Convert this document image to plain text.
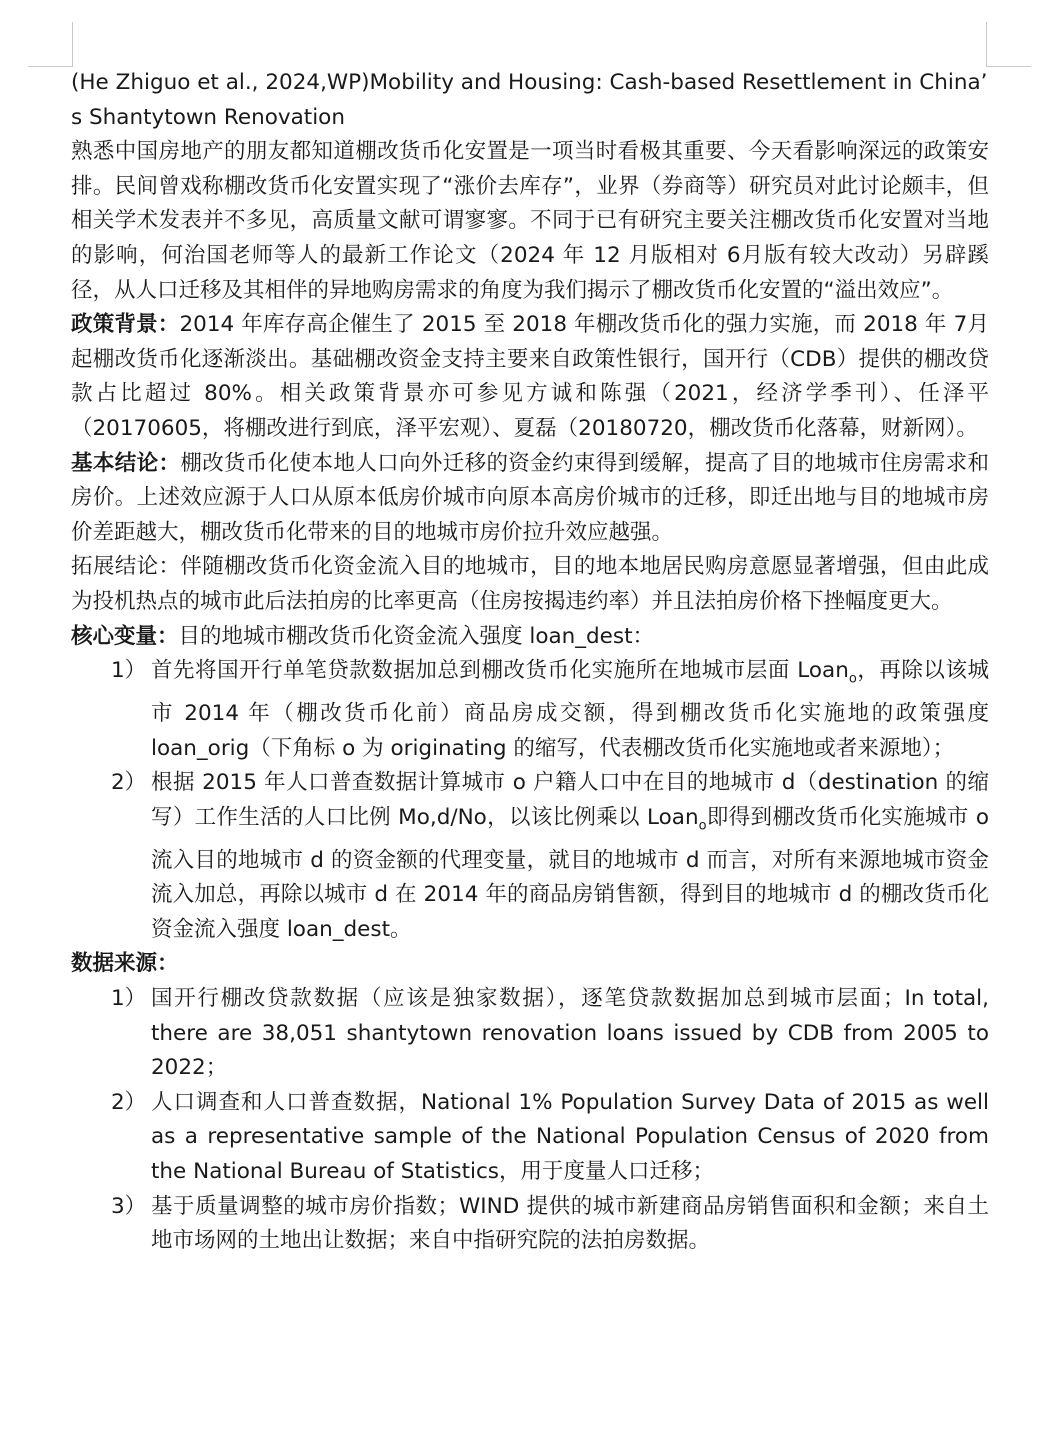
(He Zhiguo et al., 2024,WP)Mobility and Housing: Cash-based Resettlement in China’ s Shantytown Renovation

熟悉中国房地产的朋友都知道棚改货币化安置是一项当时看极其重要、今天看影响深远的政策安排。民间曾戏称棚改货币化安置实现了“涨价去库存”，业界（券商等）研究员对此讨论颇丰，但相关学术发表并不多见，高质量文献可谓寥寥。不同于已有研究主要关注棚改货币化安置对当地的影响，何治国老师等人的最新工作论文（2024 年 12 月版相对 6月版有较大改动）另辟蹊径，从人口迁移及其相伴的异地购房需求的角度为我们揭示了棚改货币化安置的“溢出效应”。

政策背景：2014 年库存高企催生了 2015 至 2018 年棚改货币化的强力实施，而 2018 年 7月起棚改货币化逐渐淡出。基础棚改资金支持主要来自政策性银行，国开行（CDB）提供的棚改贷款占比超过 80%。相关政策背景亦可参见方诚和陈强（2021，经济学季刊）、任泽平（20170605，将棚改进行到底，泽平宏观）、夏磊（20180720，棚改货币化落幕，财新网）。

基本结论：棚改货币化使本地人口向外迁移的资金约束得到缓解，提高了目的地城市住房需求和房价。上述效应源于人口从原本低房价城市向原本高房价城市的迁移，即迁出地与目的地城市房价差距越大，棚改货币化带来的目的地城市房价拉升效应越强。

拓展结论：伴随棚改货币化资金流入目的地城市，目的地本地居民购房意愿显著增强，但由此成为投机热点的城市此后法拍房的比率更高（住房按揭违约率）并且法拍房价格下挫幅度更大。

核心变量：目的地城市棚改货币化资金流入强度 loan_dest：

1） 首先将国开行单笔贷款数据加总到棚改货币化实施所在地城市层面 Loan$_o$，再除以该城市 2014 年（棚改货币化前）商品房成交额，得到棚改货币化实施地的政策强度 loan_orig（下角标 o 为 originating 的缩写，代表棚改货币化实施地或者来源地）；
2） 根据 2015 年人口普查数据计算城市 o 户籍人口中在目的地城市 d（destination 的缩写）工作生活的人口比例 Mo,d/No，以该比例乘以 Loan$_o$即得到棚改货币化实施城市 o 流入目的地城市 d 的资金额的代理变量，就目的地城市 d 而言，对所有来源地城市资金流入加总，再除以城市 d 在 2014 年的商品房销售额，得到目的地城市 d 的棚改货币化资金流入强度 loan_dest。

数据来源：

1） 国开行棚改贷款数据（应该是独家数据），逐笔贷款数据加总到城市层面；In total, there are 38,051 shantytown renovation loans issued by CDB from 2005 to 2022；
2） 人口调查和人口普查数据，National 1% Population Survey Data of 2015 as well as a representative sample of the National Population Census of 2020 from the National Bureau of Statistics，用于度量人口迁移；
3） 基于质量调整的城市房价指数；WIND 提供的城市新建商品房销售面积和金额；来自土地市场网的土地出让数据；来自中指研究院的法拍房数据。
